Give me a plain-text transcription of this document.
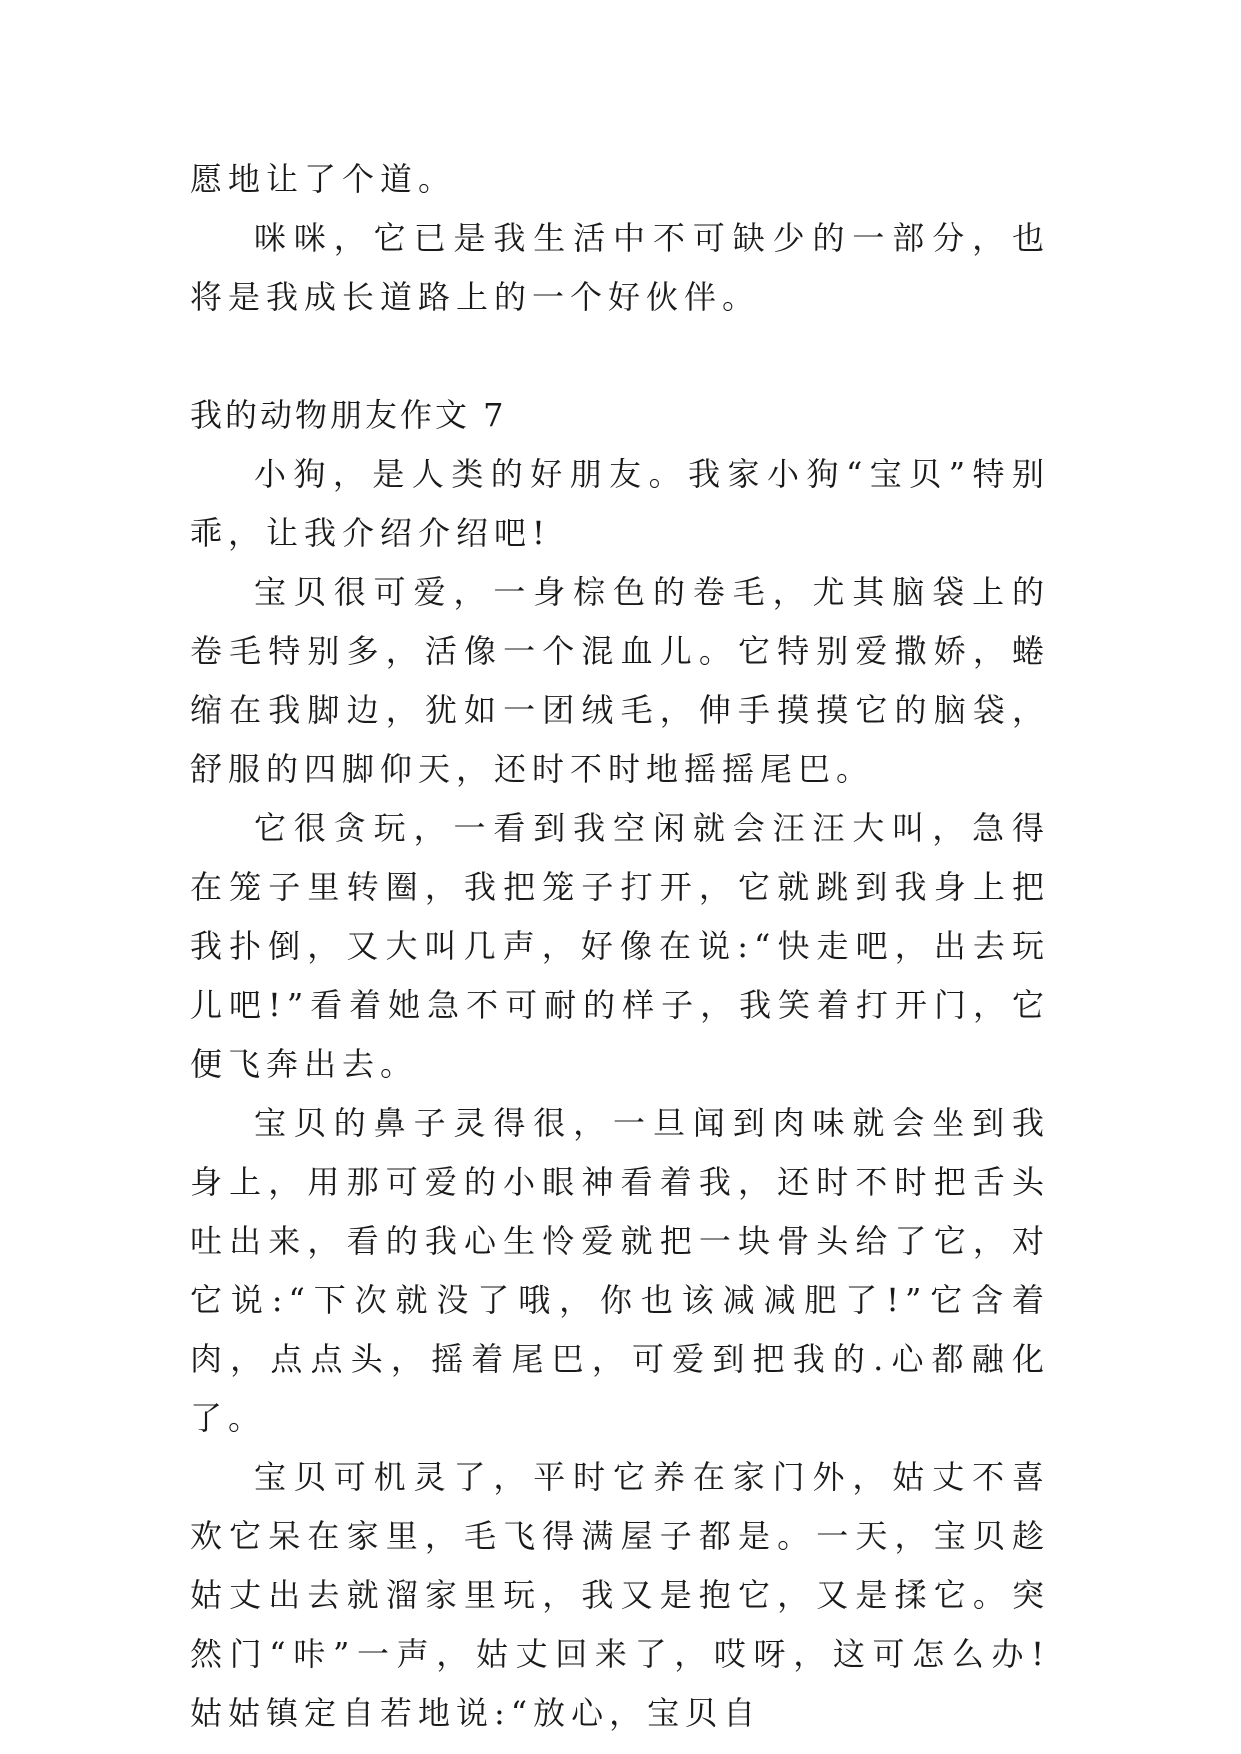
愿地让了个道。

咪咪，它已是我生活中不可缺少的一部分，也将是我成长道路上的一个好伙伴。

我的动物朋友作文 7

小狗，是人类的好朋友。我家小狗“宝贝”特别乖，让我介绍介绍吧!

宝贝很可爱，一身棕色的卷毛，尤其脑袋上的卷毛特别多，活像一个混血儿。它特别爱撒娇，蜷缩在我脚边，犹如一团绒毛，伸手摸摸它的脑袋，舒服的四脚仰天，还时不时地摇摇尾巴。

它很贪玩，一看到我空闲就会汪汪大叫，急得在笼子里转圈，我把笼子打开，它就跳到我身上把我扑倒，又大叫几声，好像在说:“快走吧，出去玩儿吧!”看着她急不可耐的样子，我笑着打开门，它便飞奔出去。

宝贝的鼻子灵得很，一旦闻到肉味就会坐到我身上，用那可爱的小眼神看着我，还时不时把舌头吐出来，看的我心生怜爱就把一块骨头给了它，对它说:“下次就没了哦，你也该减减肥了!”它含着肉，点点头，摇着尾巴，可爱到把我的.心都融化了。

宝贝可机灵了，平时它养在家门外，姑丈不喜欢它呆在家里，毛飞得满屋子都是。一天，宝贝趁姑丈出去就溜家里玩，我又是抱它，又是揉它。突然门“咔”一声，姑丈回来了，哎呀，这可怎么办!姑姑镇定自若地说:“放心，宝贝自
